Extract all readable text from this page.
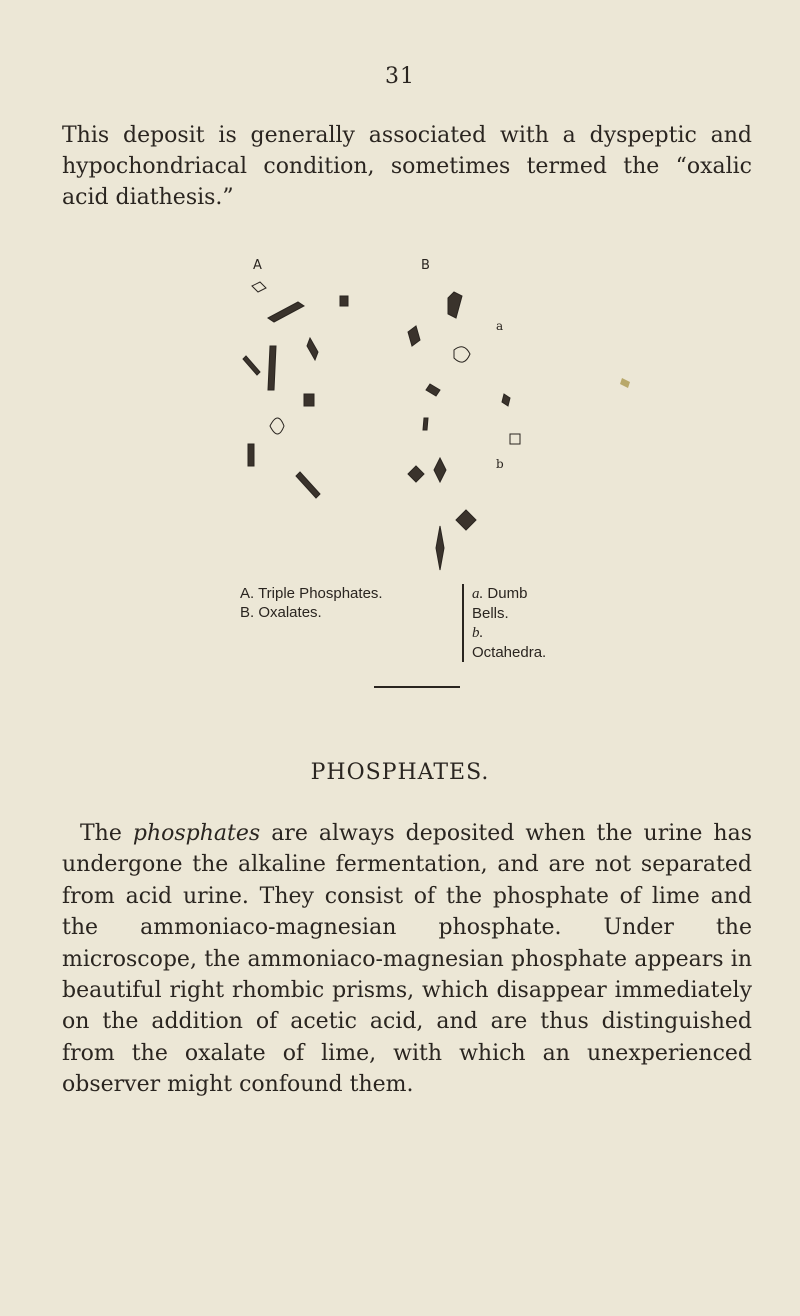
31

This deposit is generally associated with a dyspeptic and hypochondriacal condition, sometimes termed the “oxalic acid diathesis.”

A	B
a
b
A. Triple Phosphates.
B. Oxalates.
a. Dumb Bells.
b. Octahedra.
PHOSPHATES.

The phosphates are always deposited when the urine has undergone the alkaline fermentation, and are not separated from acid urine. They consist of the phosphate of lime and the ammoniaco-magnesian phosphate. Under the microscope, the ammoniaco-magnesian phosphate appears in beautiful right rhombic prisms, which disappear immediately on the addition of acetic acid, and are thus distinguished from the oxalate of lime, with which an unexperienced observer might confound them.
